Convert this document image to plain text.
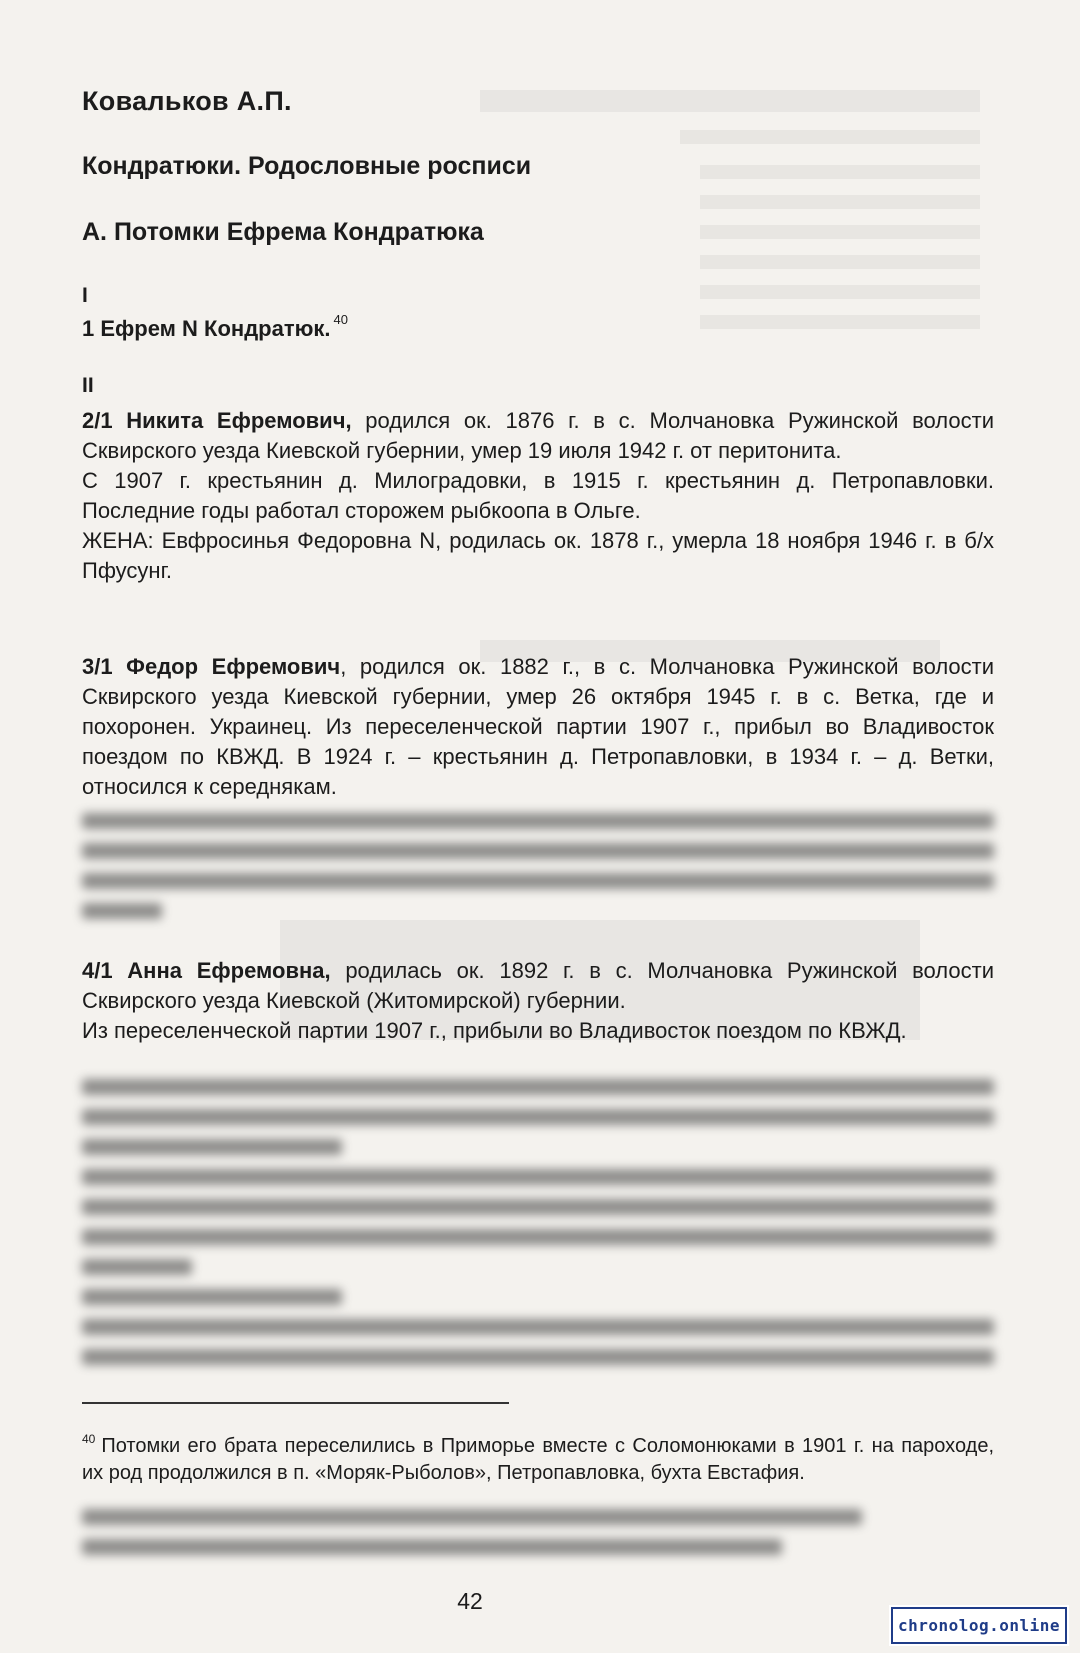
Ковальков А.П.
Кондратюки. Родословные росписи
А. Потомки Ефрема Кондратюка
I
1 Ефрем N Кондратюк. $^{40}$
II

2/1 Никита Ефремович, родился ок. 1876 г. в с. Молчановка Ружинской волости Сквирского уезда Киевской губернии, умер 19 июля 1942 г. от перитонита.

С 1907 г. крестьянин д. Милоградовки, в 1915 г. крестьянин д. Петропавловки. Последние годы работал сторожем рыбкоопа в Ольге.

ЖЕНА: Евфросинья Федоровна N, родилась ок. 1878 г., умерла 18 ноября 1946 г. в б/х Пфусунг.

3/1 Федор Ефремович, родился ок. 1882 г., в с. Молчановка Ружинской волости Сквирского уезда Киевской губернии, умер 26 октября 1945 г. в с. Ветка, где и похоронен. Украинец. Из переселенческой партии 1907 г., прибыл во Владивосток поездом по КВЖД. В 1924 г. – крестьянин д. Петропавловки, в 1934 г. – д. Ветки, относился к середнякам.

4/1 Анна Ефремовна, родилась ок. 1892 г. в с. Молчановка Ружинской волости Сквирского уезда Киевской (Житомирской) губернии.

Из переселенческой партии 1907 г., прибыли во Владивосток поездом по КВЖД.

$^{40}$ Потомки его брата переселились в Приморье вместе с Соломонюками в 1901 г. на пароходе, их род продолжился в п. «Моряк-Рыболов», Петропавловка, бухта Евстафия.
42
chronolog.online
